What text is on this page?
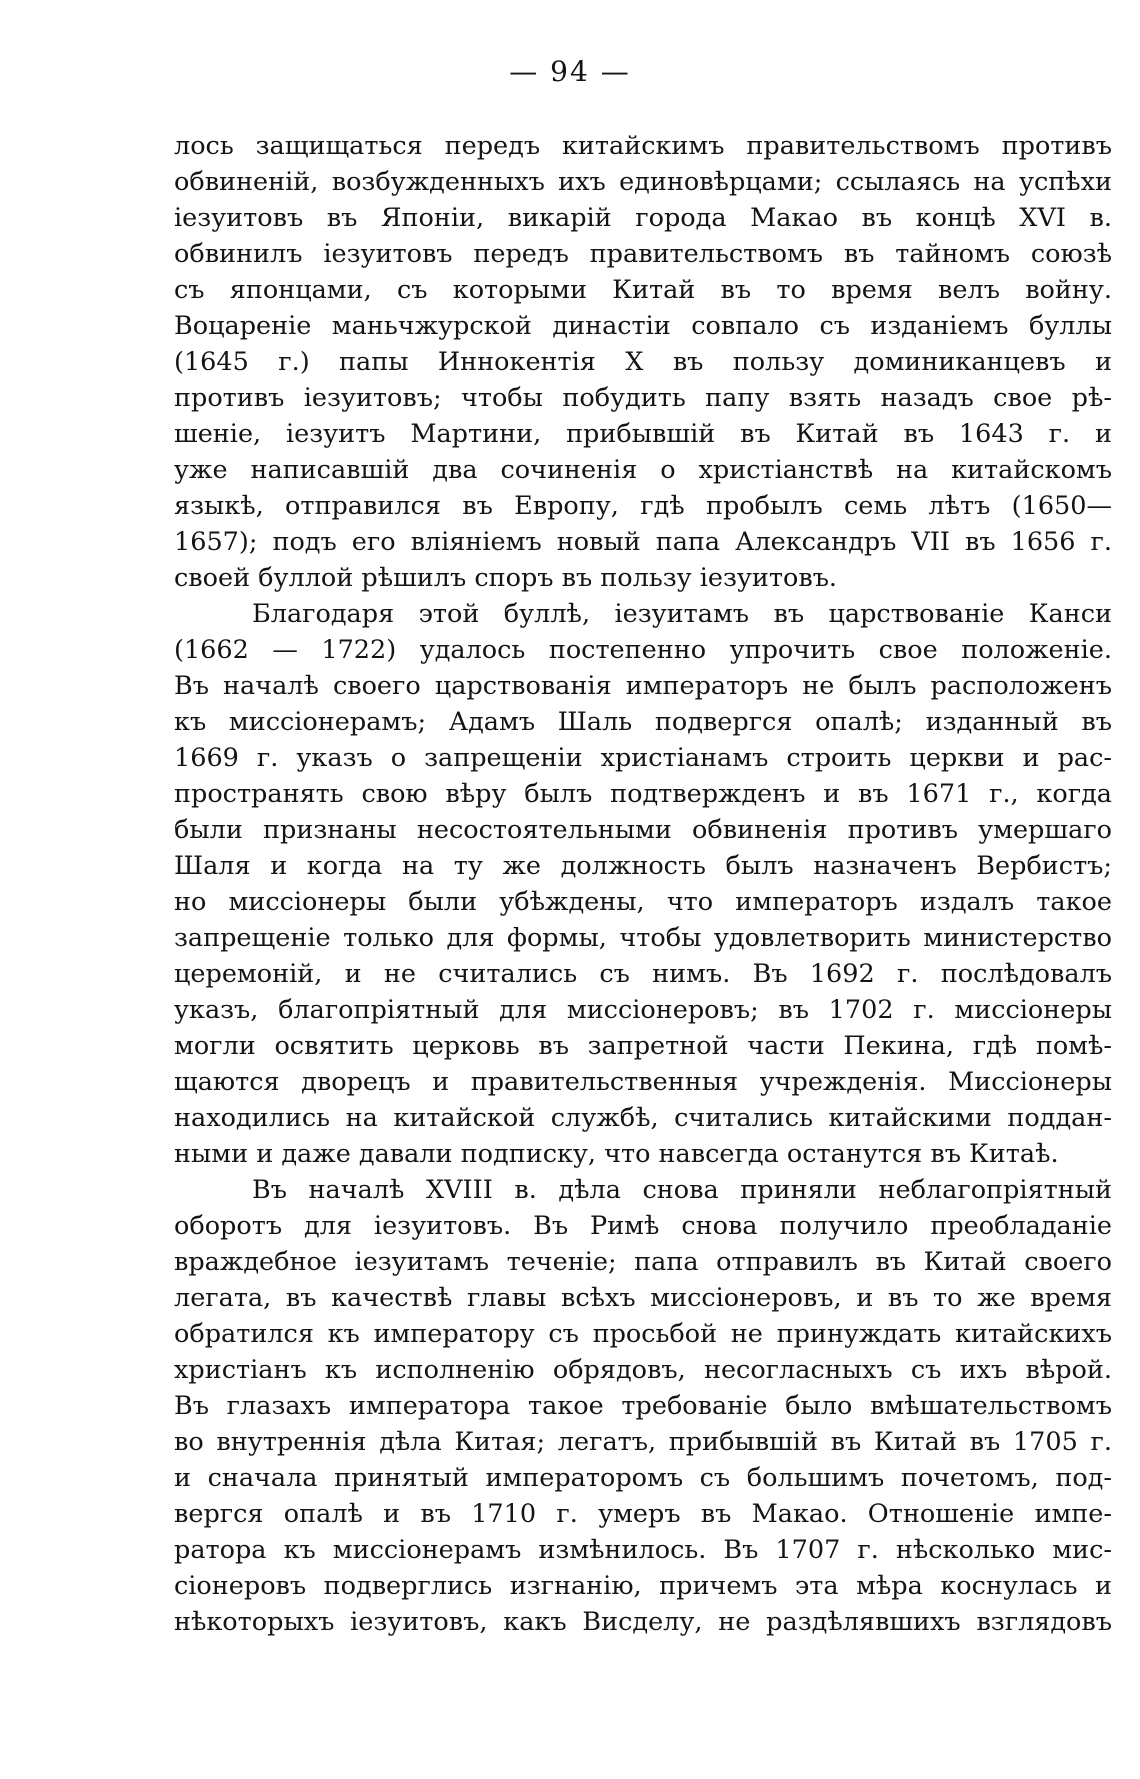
— 94 —
лось защищаться передъ китайскимъ правительствомъ противъ
обвиненій, возбужденныхъ ихъ единовѣрцами; ссылаясь на успѣхи
іезуитовъ въ Японіи, викарій города Макао въ концѣ XVI в.
обвинилъ іезуитовъ передъ правительствомъ въ тайномъ союзѣ
съ японцами, съ которыми Китай въ то время велъ войну.
Воцареніе маньчжурской династіи совпало съ изданіемъ буллы
(1645 г.) папы Иннокентія X въ пользу доминиканцевъ и
противъ іезуитовъ; чтобы побудить папу взять назадъ свое рѣ-
шеніе, іезуитъ Мартини, прибывшій въ Китай въ 1643 г. и
уже написавшій два сочиненія о христіанствѣ на китайскомъ
языкѣ, отправился въ Европу, гдѣ пробылъ семь лѣтъ (1650—
1657); подъ его вліяніемъ новый папа Александръ VII въ 1656 г.
своей буллой рѣшилъ споръ въ пользу іезуитовъ.
Благодаря этой буллѣ, іезуитамъ въ царствованіе Канси
(1662 — 1722) удалось постепенно упрочить свое положеніе.
Въ началѣ своего царствованія императоръ не былъ расположенъ
къ миссіонерамъ; Адамъ Шаль подвергся опалѣ; изданный въ
1669 г. указъ о запрещеніи христіанамъ строить церкви и рас-
пространять свою вѣру былъ подтвержденъ и въ 1671 г., когда
были признаны несостоятельными обвиненія противъ умершаго
Шаля и когда на ту же должность былъ назначенъ Вербистъ;
но миссіонеры были убѣждены, что императоръ издалъ такое
запрещеніе только для формы, чтобы удовлетворить министерство
церемоній, и не считались съ нимъ. Въ 1692 г. послѣдовалъ
указъ, благопріятный для миссіонеровъ; въ 1702 г. миссіонеры
могли освятить церковь въ запретной части Пекина, гдѣ помѣ-
щаются дворецъ и правительственныя учрежденія. Миссіонеры
находились на китайской службѣ, считались китайскими поддан-
ными и даже давали подписку, что навсегда останутся въ Китаѣ.
Въ началѣ XVIII в. дѣла снова приняли неблагопріятный
оборотъ для іезуитовъ. Въ Римѣ снова получило преобладаніе
враждебное іезуитамъ теченіе; папа отправилъ въ Китай своего
легата, въ качествѣ главы всѣхъ миссіонеровъ, и въ то же время
обратился къ императору съ просьбой не принуждать китайскихъ
христіанъ къ исполненію обрядовъ, несогласныхъ съ ихъ вѣрой.
Въ глазахъ императора такое требованіе было вмѣшательствомъ
во внутреннія дѣла Китая; легатъ, прибывшій въ Китай въ 1705 г.
и сначала принятый императоромъ съ большимъ почетомъ, под-
вергся опалѣ и въ 1710 г. умеръ въ Макао. Отношеніе импе-
ратора къ миссіонерамъ измѣнилось. Въ 1707 г. нѣсколько мис-
сіонеровъ подверглись изгнанію, причемъ эта мѣра коснулась и
нѣкоторыхъ іезуитовъ, какъ Висделу, не раздѣлявшихъ взглядовъ
